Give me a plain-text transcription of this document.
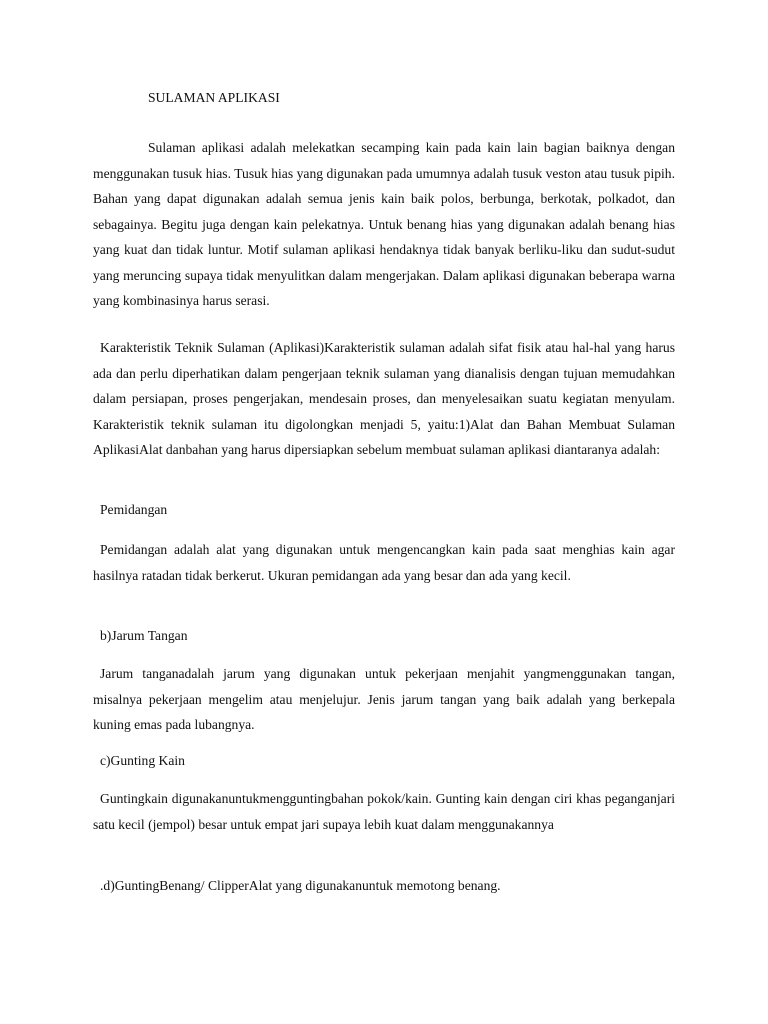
SULAMAN APLIKASI

Sulaman aplikasi adalah melekatkan secamping kain pada kain lain bagian baiknya dengan menggunakan tusuk hias. Tusuk hias yang digunakan pada umumnya adalah tusuk veston atau tusuk pipih. Bahan yang dapat digunakan adalah semua jenis kain baik polos, berbunga, berkotak, polkadot, dan sebagainya. Begitu juga dengan kain pelekatnya. Untuk benang hias yang digunakan adalah benang hias yang kuat dan tidak luntur. Motif sulaman aplikasi hendaknya tidak banyak berliku-liku dan sudut-sudut yang meruncing supaya tidak menyulitkan dalam mengerjakan. Dalam aplikasi digunakan beberapa warna yang kombinasinya harus serasi.

Karakteristik Teknik Sulaman (Aplikasi)Karakteristik sulaman adalah sifat fisik atau hal-hal yang harus ada dan perlu diperhatikan dalam pengerjaan teknik sulaman yang dianalisis dengan tujuan memudahkan dalam persiapan, proses pengerjakan, mendesain proses, dan menyelesaikan suatu kegiatan menyulam. Karakteristik teknik sulaman itu digolongkan menjadi 5, yaitu:1)Alat dan Bahan Membuat Sulaman AplikasiAlat danbahan yang harus dipersiapkan sebelum membuat sulaman aplikasi diantaranya adalah:

Pemidangan

Pemidangan adalah alat yang digunakan untuk mengencangkan kain pada saat menghias kain agar hasilnya ratadan tidak berkerut. Ukuran pemidangan ada yang besar dan ada yang kecil.

b)Jarum Tangan

Jarum tanganadalah jarum yang digunakan untuk pekerjaan menjahit yangmenggunakan tangan, misalnya pekerjaan mengelim atau menjelujur. Jenis jarum tangan yang baik adalah yang berkepala kuning emas pada lubangnya.

c)Gunting Kain

Guntingkain digunakanuntukmengguntingbahan pokok/kain. Gunting kain dengan ciri khas peganganjari satu kecil (jempol) besar untuk empat jari supaya lebih kuat dalam menggunakannya

.d)GuntingBenang/ ClipperAlat yang digunakanuntuk memotong benang.
